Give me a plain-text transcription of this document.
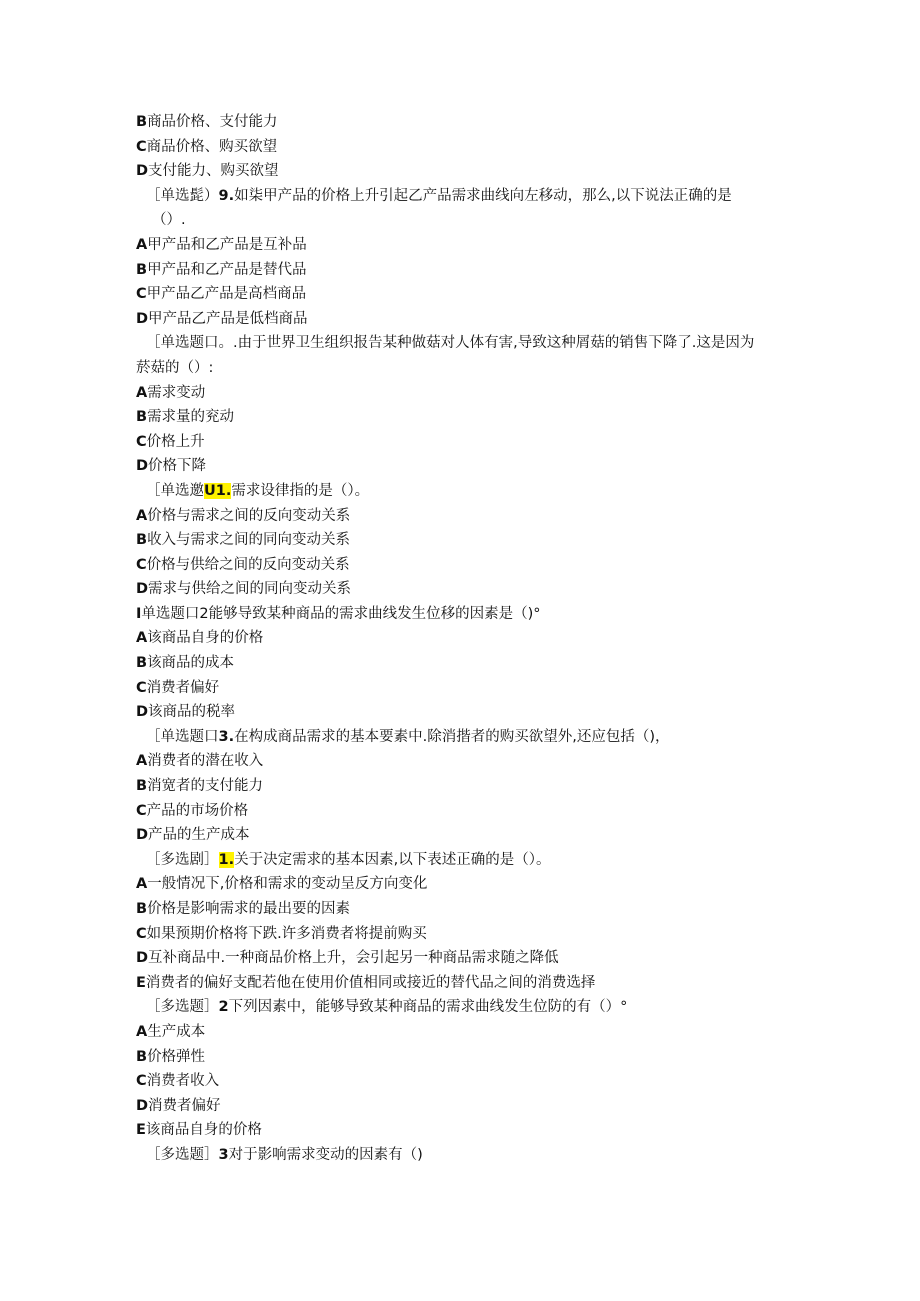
B商品价格、支付能力
C商品价格、购买欲望
D支付能力、购买欲望
［单选髭）9.如柒甲产品的价格上升引起乙产品需求曲线向左移动，那么,以下说法正确的是
（）.
A甲产品和乙产品是互补品
B甲产品和乙产品是替代品
C甲产品乙产品是高档商品
D甲产品乙产品是低档商品
［单选题口。.由于世界卫生组织报告某种做菇对人体有害,导致这种屑菇的销售下降了.这是因为
菸菇的（）:
A需求变动
B需求量的兖动
C价格上升
D价格下降
［单选邀U1.需求设律指的是（）。
A价格与需求之间的反向变动关系
B收入与需求之间的同向变动关系
C价格与供给之间的反向变动关系
D需求与供给之间的同向变动关系
I单选题口2能够导致某种商品的需求曲线发生位移的因素是（)°
A该商品自身的价格
B该商品的成本
C消费者偏好
D该商品的税率
［单选题口3.在构成商品需求的基本要素中.除消揩者的购买欲望外,还应包括（)，
A消费者的潜在收入
B消宽者的支付能力
C产品的市场价格
D产品的生产成本
［多选剧］1.关于决定需求的基本因素,以下表述正确的是（）。
A一般情况下,价格和需求的变动呈反方向变化
B价格是影响需求的最出要的因素
C如果预期价格将下跌.许多消费者将提前购买
D互补商品中.一种商品价格上升，会引起另一种商品需求随之降低
E消费者的偏好支配若他在使用价值相同或接近的替代品之间的消费选择
［多选题］2下列因素中，能够导致某种商品的需求曲线发生位防的有（）°
A生产成本
B价格弹性
C消费者收入
D消费者偏好
E该商品自身的价格
［多选题］3对于影响需求变动的因素有（)
